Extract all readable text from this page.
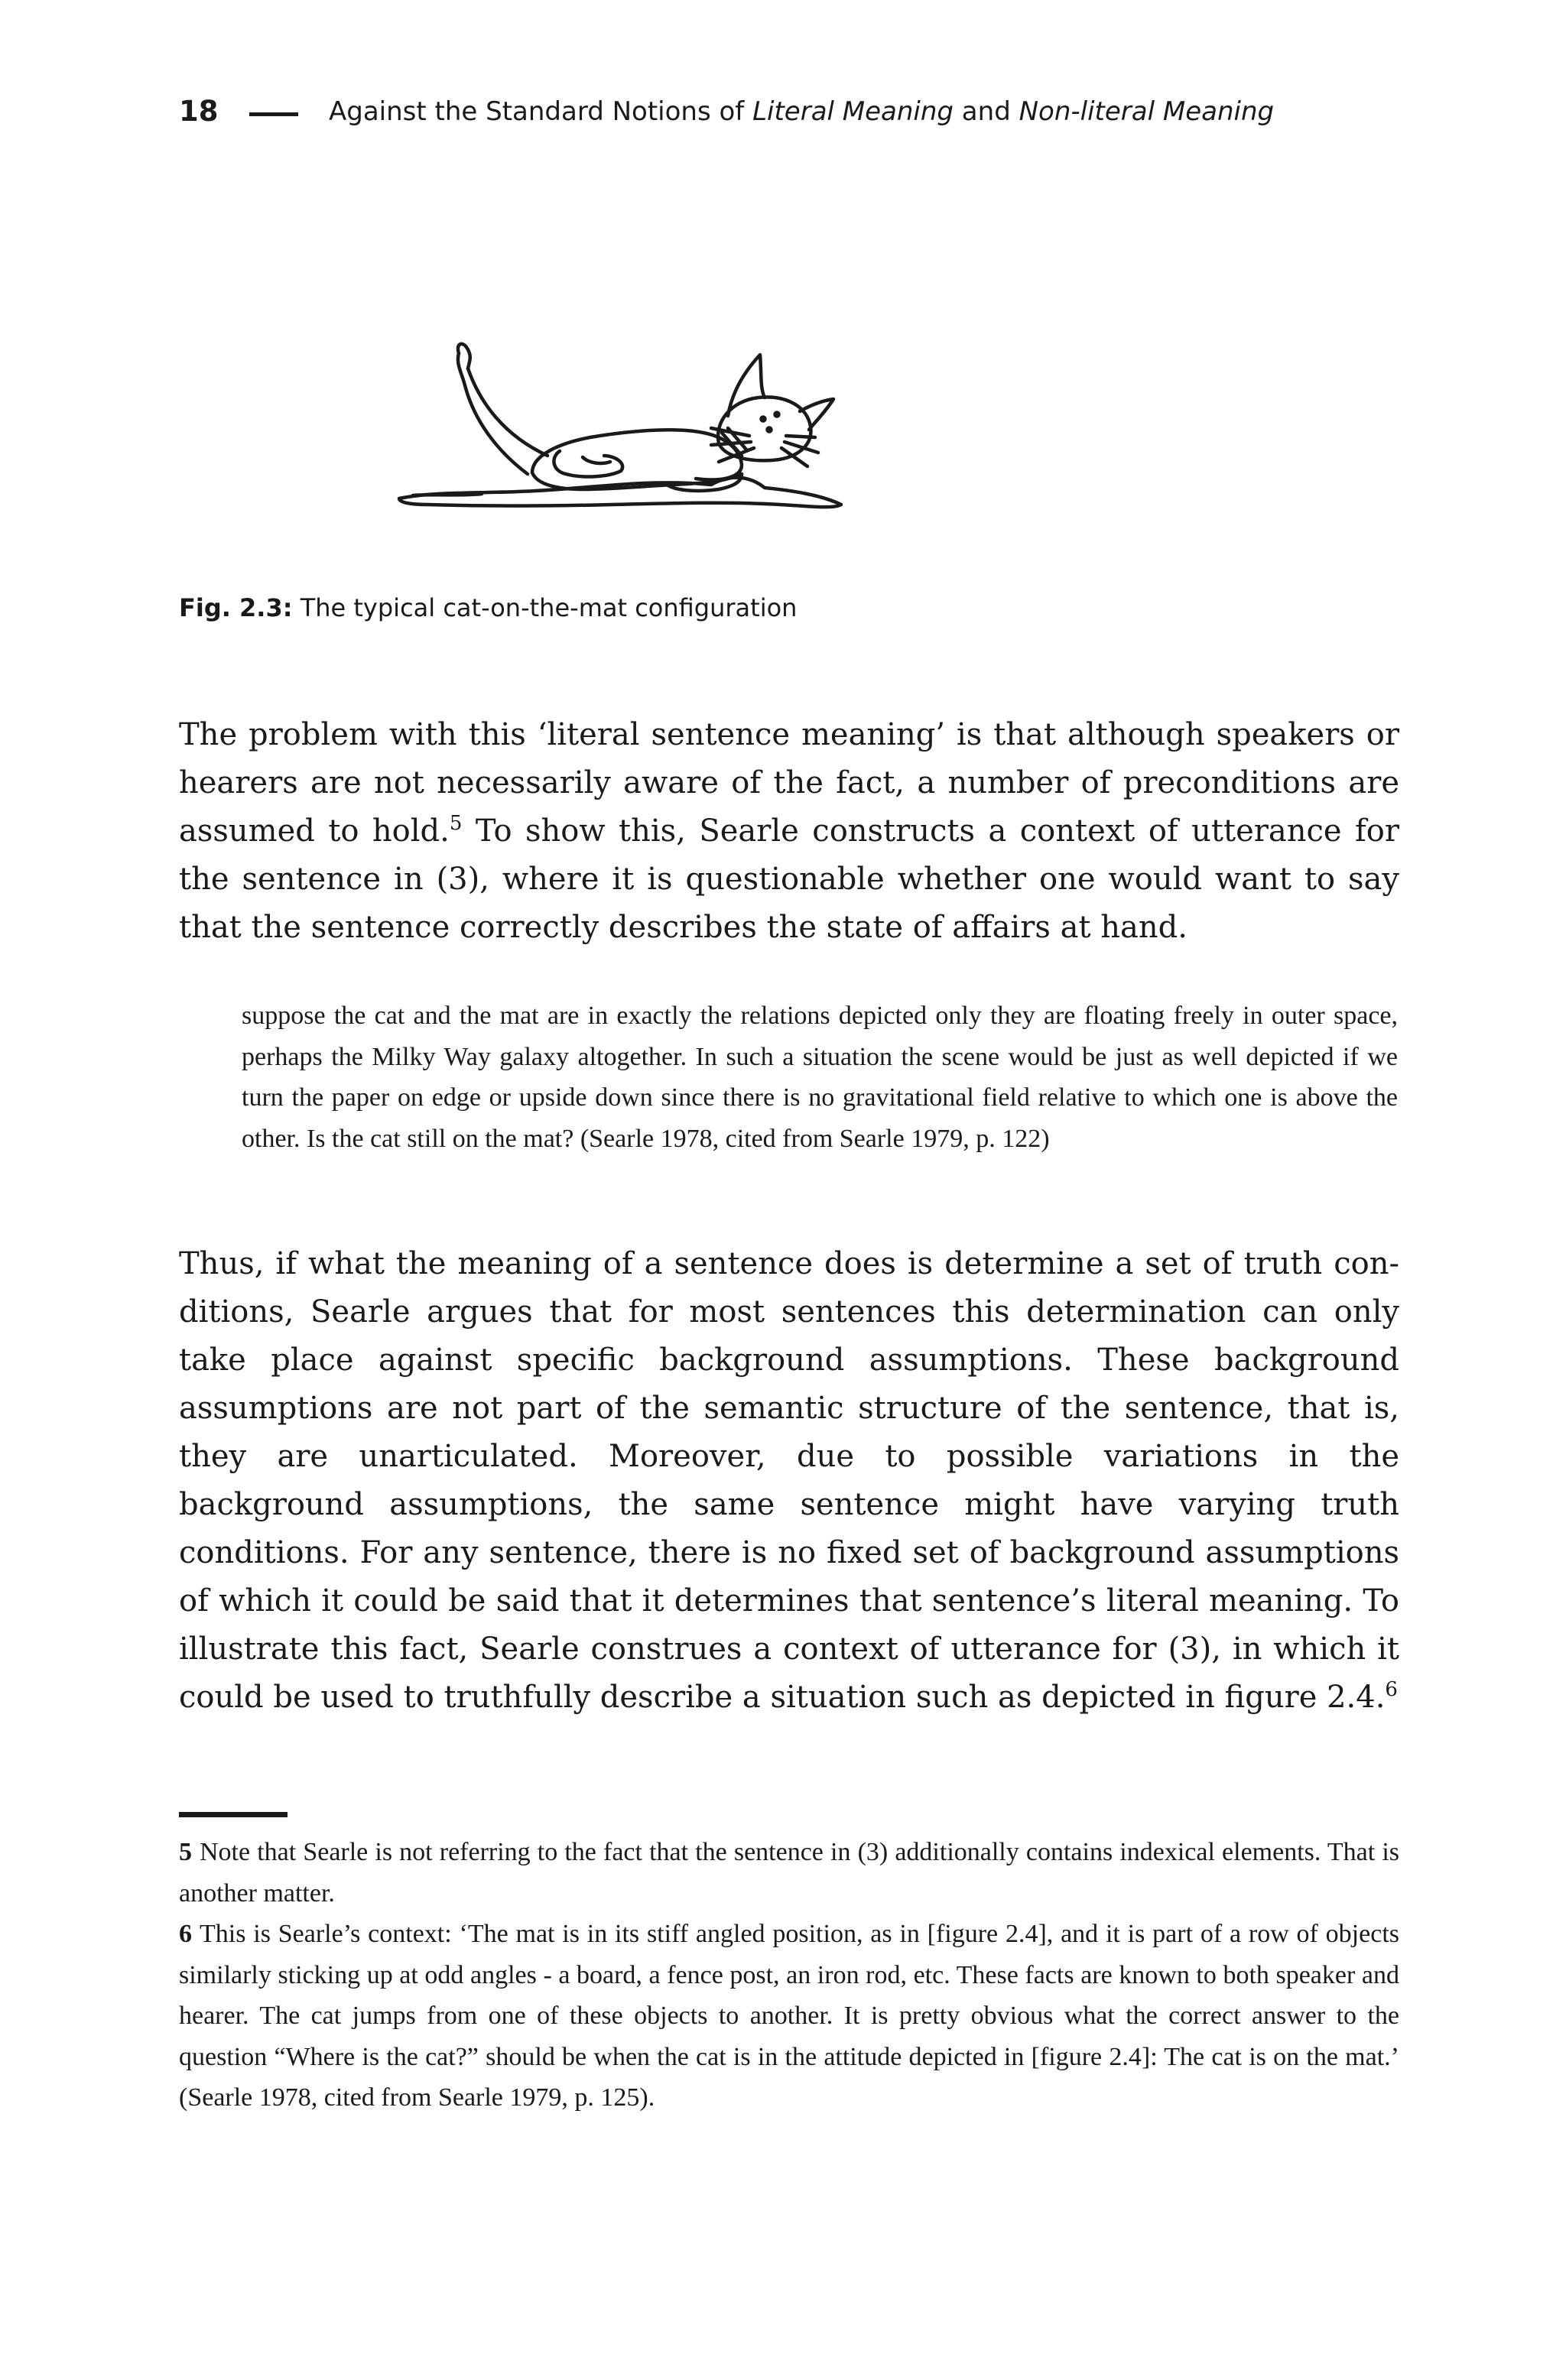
18	Against the Standard Notions of Literal Meaning and Non-literal Meaning
Fig. 2.3: The typical cat-on-the-mat configuration

The problem with this ‘literal sentence meaning’ is that although speakers or hearers are not necessarily aware of the fact, a number of preconditions are assumed to hold.$^5$ To show this, Searle constructs a context of utterance for the sentence in (3), where it is questionable whether one would want to say that the sentence correctly describes the state of affairs at hand.

suppose the cat and the mat are in exactly the relations depicted only they are floating freely in outer space, perhaps the Milky Way galaxy altogether. In such a situation the scene would be just as well depicted if we turn the paper on edge or upside down since there is no gravitational field relative to which one is above the other. Is the cat still on the mat? (Searle 1978, cited from Searle 1979, p. 122)

Thus, if what the meaning of a sentence does is determine a set of truth conditions, Searle argues that for most sentences this determination can only take place against specific background assumptions. These background assumptions are not part of the semantic structure of the sentence, that is, they are unarticulated. Moreover, due to possible variations in the background assumptions, the same sentence might have varying truth conditions. For any sentence, there is no fixed set of background assumptions of which it could be said that it determines that sentence’s literal meaning. To illustrate this fact, Searle construes a context of utterance for (3), in which it could be used to truthfully describe a situation such as depicted in figure 2.4.$^6$

5 Note that Searle is not referring to the fact that the sentence in (3) additionally contains indexical elements. That is another matter.

6 This is Searle’s context: ‘The mat is in its stiff angled position, as in [figure 2.4], and it is part of a row of objects similarly sticking up at odd angles - a board, a fence post, an iron rod, etc. These facts are known to both speaker and hearer. The cat jumps from one of these objects to another. It is pretty obvious what the correct answer to the question “Where is the cat?” should be when the cat is in the attitude depicted in [figure 2.4]: The cat is on the mat.’ (Searle 1978, cited from Searle 1979, p. 125).
